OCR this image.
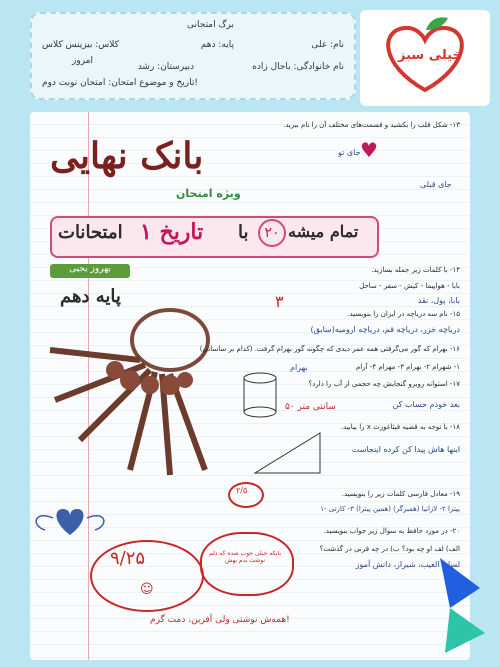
برگ امتحانی
نام: علی
پایه: دهم
کلاس: بیزینس کلاس
نام خانوادگی: باحال زاده
دبیرستان: رشد
امروز
تاریخ و موضوع امتحان: امتحان نوبت دوم!
خیلی سبز
بانک نهایی
ویژه امتحان
امتحانات تاریخ ۱ با	۲۰ تمام میشه
بهروز یحیی
پایه دهم
۹/۲۵
☺
بابکه خیلی خوب شده که دلم نوشت بدم بهش
۱۳- شکل قلب را بکشید و قسمت‌های مختلف آن را نام ببرید.
♥
جای تو
جای قبلی
۱۴- با کلمات زیر جمله بسازید.
بابا - هواپیما - کیش - سفر - ساحل
بابا، پول، نقد
۳
۱۵- نام سه دریاچه در ایران را بنویسید.
دریاچه خزر، دریاچه قم، دریاچه ارومیه(سابق)
۱۶- بهرام که گور می‌گرفتی همه عمر دیدی که چگونه گور بهرام گرفت. (کدام بر ساسانی)
۱- شهرام ۲- بهرام ۳- مهرام ۴- آرام
بهرام
۱۷- استوانه روبرو گنجایش چه حجمی از آب را دارد؟
۵۰ سانتی متر	بعد خودم حساب کن
۱۸- با توجه به قضیه فیثاغورث x را بیابید.
اینها هاش پیدا کن کرده اینجاست
۱۹- معادل فارسی کلمات زیر را بنویسید.
۲/۵
۱- پیتزا ۲- لازانیا (همبرگر) (همین پیتزا) ۳- کارتی
۲۰- در مورد حافظ به سوال زیر جواب بنویسید.
الف) لف او چه بود؟ ب) در چه قرنی در گذشت؟
لسان الغیب، شیراز، دانش آموز
همه‌ش نوشتی ولی آفرین، دمت گرم!
